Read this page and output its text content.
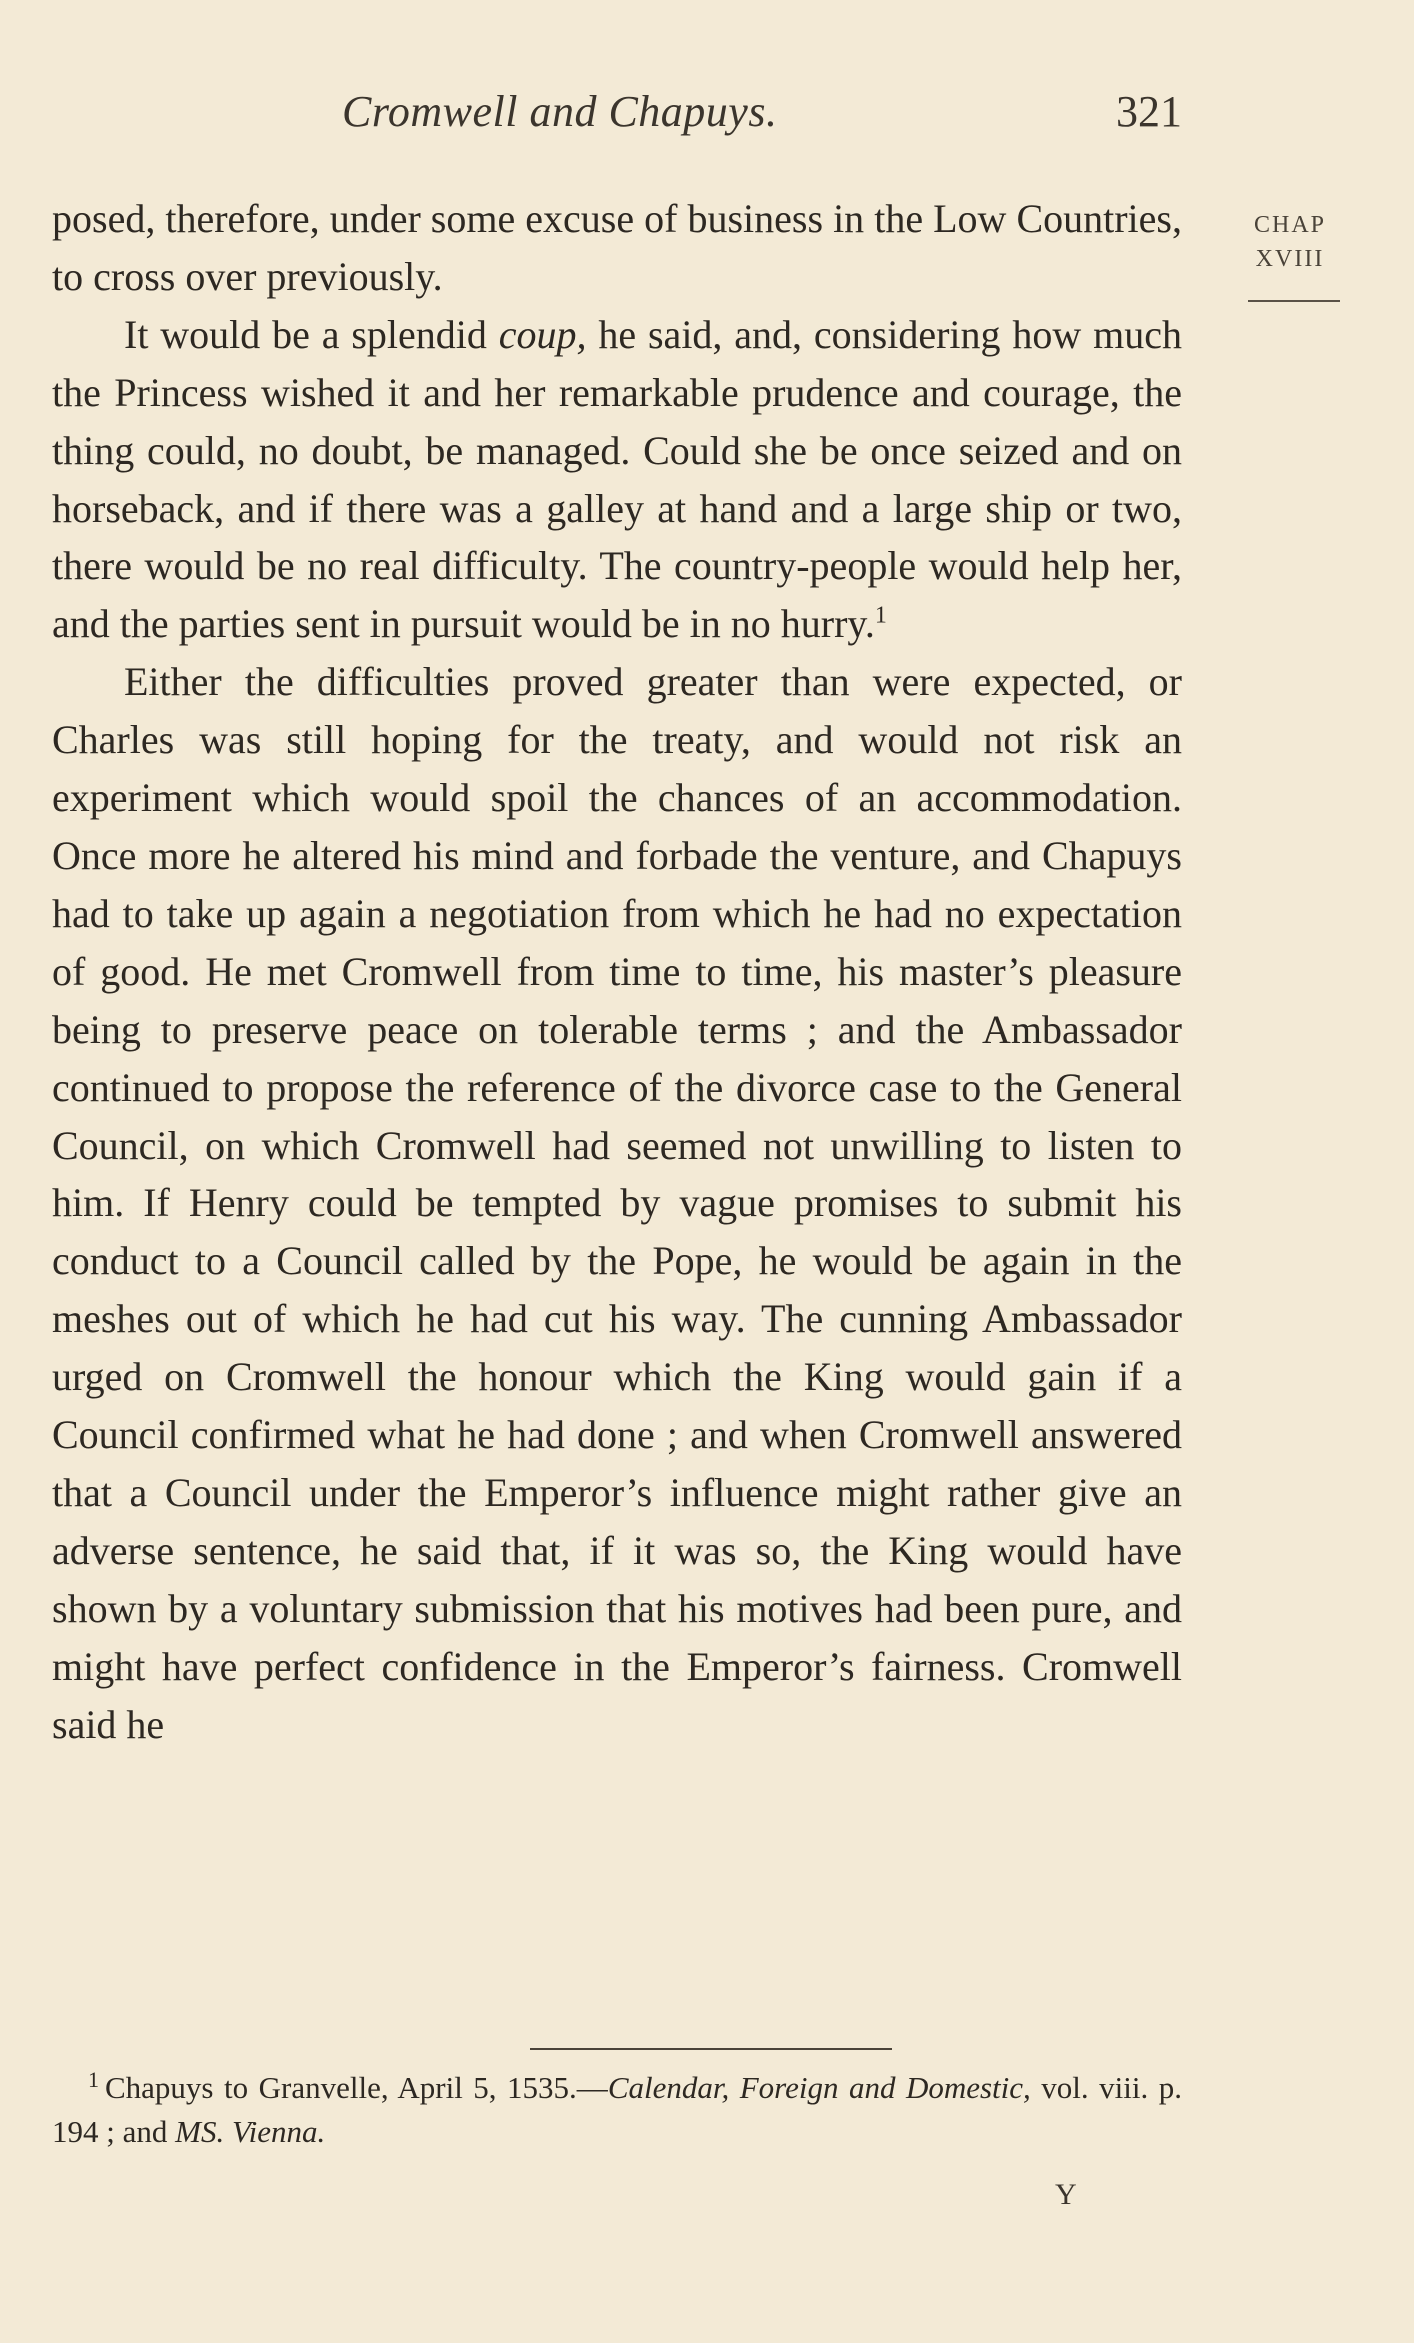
Cromwell and Chapuys.	321
CHAP
XVIII

posed, therefore, under some excuse of business in the Low Countries, to cross over previously.

It would be a splendid coup, he said, and, considering how much the Princess wished it and her remarkable prudence and courage, the thing could, no doubt, be managed. Could she be once seized and on horseback, and if there was a galley at hand and a large ship or two, there would be no real difficulty. The country-people would help her, and the parties sent in pursuit would be in no hurry.$^1$

Either the difficulties proved greater than were expected, or Charles was still hoping for the treaty, and would not risk an experiment which would spoil the chances of an accommodation. Once more he altered his mind and forbade the venture, and Chapuys had to take up again a negotiation from which he had no expectation of good. He met Cromwell from time to time, his master’s pleasure being to preserve peace on tolerable terms ; and the Ambassador continued to propose the reference of the divorce case to the General Council, on which Cromwell had seemed not unwilling to listen to him. If Henry could be tempted by vague promises to submit his conduct to a Council called by the Pope, he would be again in the meshes out of which he had cut his way. The cunning Ambassador urged on Cromwell the honour which the King would gain if a Council confirmed what he had done ; and when Cromwell answered that a Council under the Emperor’s influence might rather give an adverse sentence, he said that, if it was so, the King would have shown by a voluntary submission that his motives had been pure, and might have perfect confidence in the Emperor’s fairness. Cromwell said he

$^1$ Chapuys to Granvelle, April 5, 1535.—Calendar, Foreign and Domestic, vol. viii. p. 194 ; and MS. Vienna.
Y
